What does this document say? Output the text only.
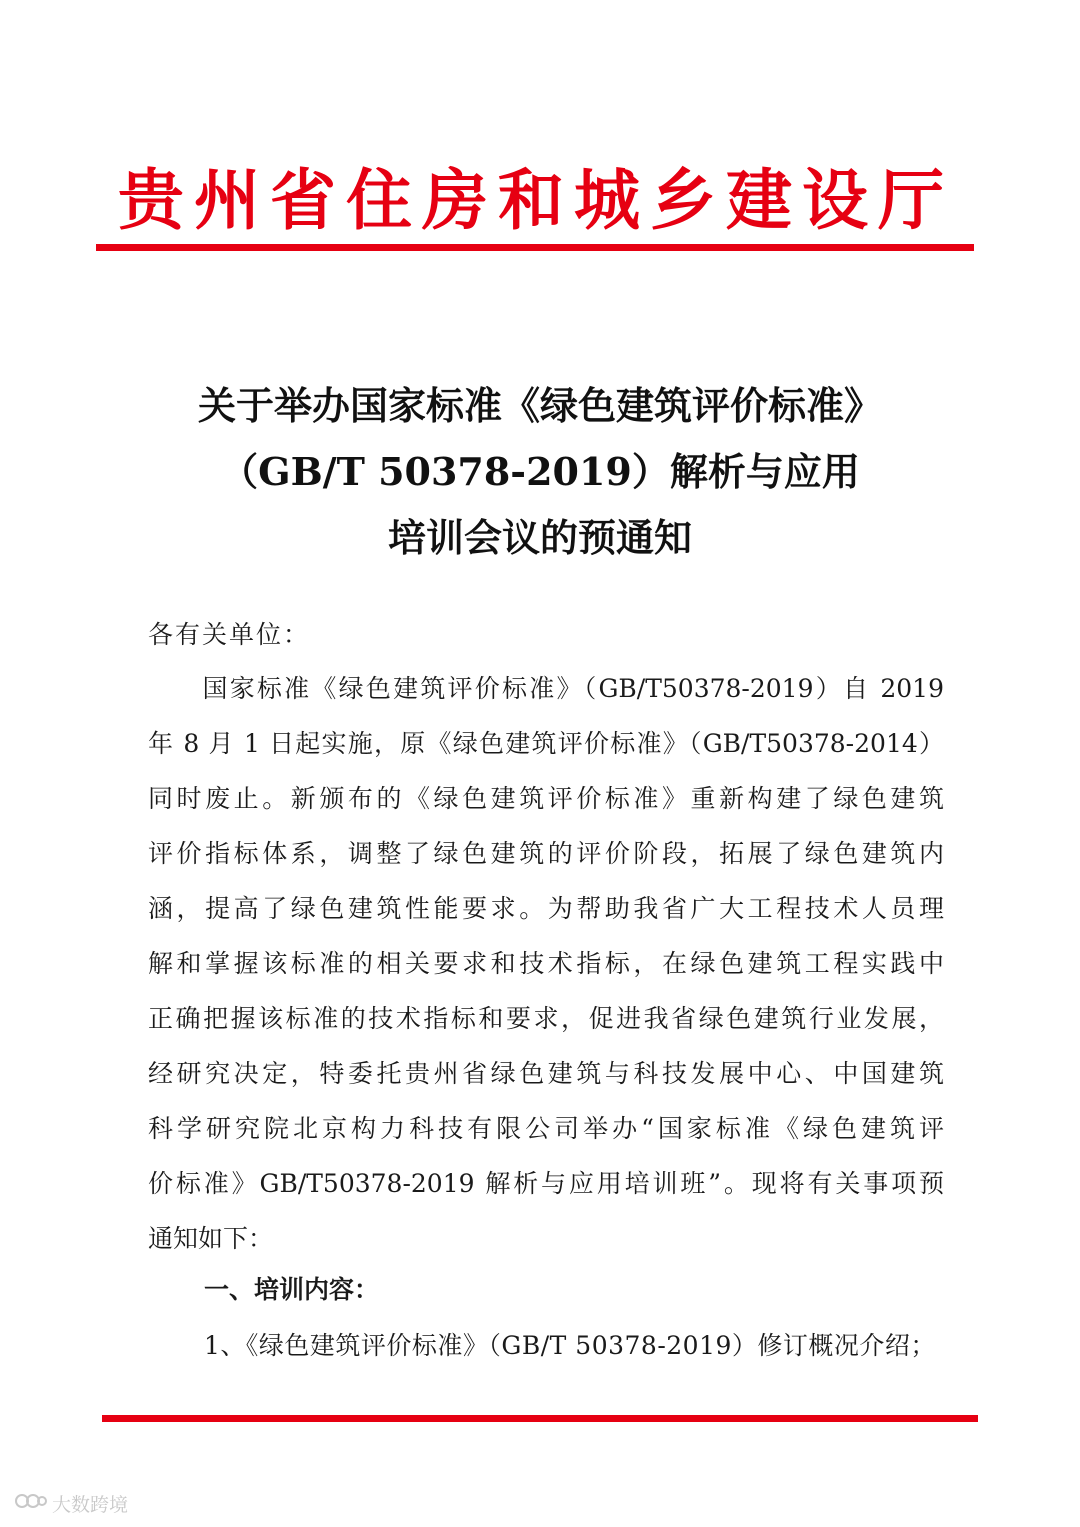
贵州省住房和城乡建设厅
关于举办国家标准《绿色建筑评价标准》
（GB/T 50378-2019）解析与应用
培训会议的预通知
各有关单位：
　　国家标准《绿色建筑评价标准》（GB/T50378-2019）自 2019
年 8 月 1 日起实施，原《绿色建筑评价标准》（GB/T50378-2014）
同时废止。新颁布的《绿色建筑评价标准》重新构建了绿色建筑
评价指标体系，调整了绿色建筑的评价阶段，拓展了绿色建筑内
涵，提高了绿色建筑性能要求。为帮助我省广大工程技术人员理
解和掌握该标准的相关要求和技术指标，在绿色建筑工程实践中
正确把握该标准的技术指标和要求，促进我省绿色建筑行业发展，
经研究决定，特委托贵州省绿色建筑与科技发展中心、中国建筑
科学研究院北京构力科技有限公司举办“国家标准《绿色建筑评
价标准》GB/T50378-2019 解析与应用培训班”。现将有关事项预
通知如下：
一、培训内容：
1、《绿色建筑评价标准》（GB/T 50378-2019）修订概况介绍；
大数跨境
